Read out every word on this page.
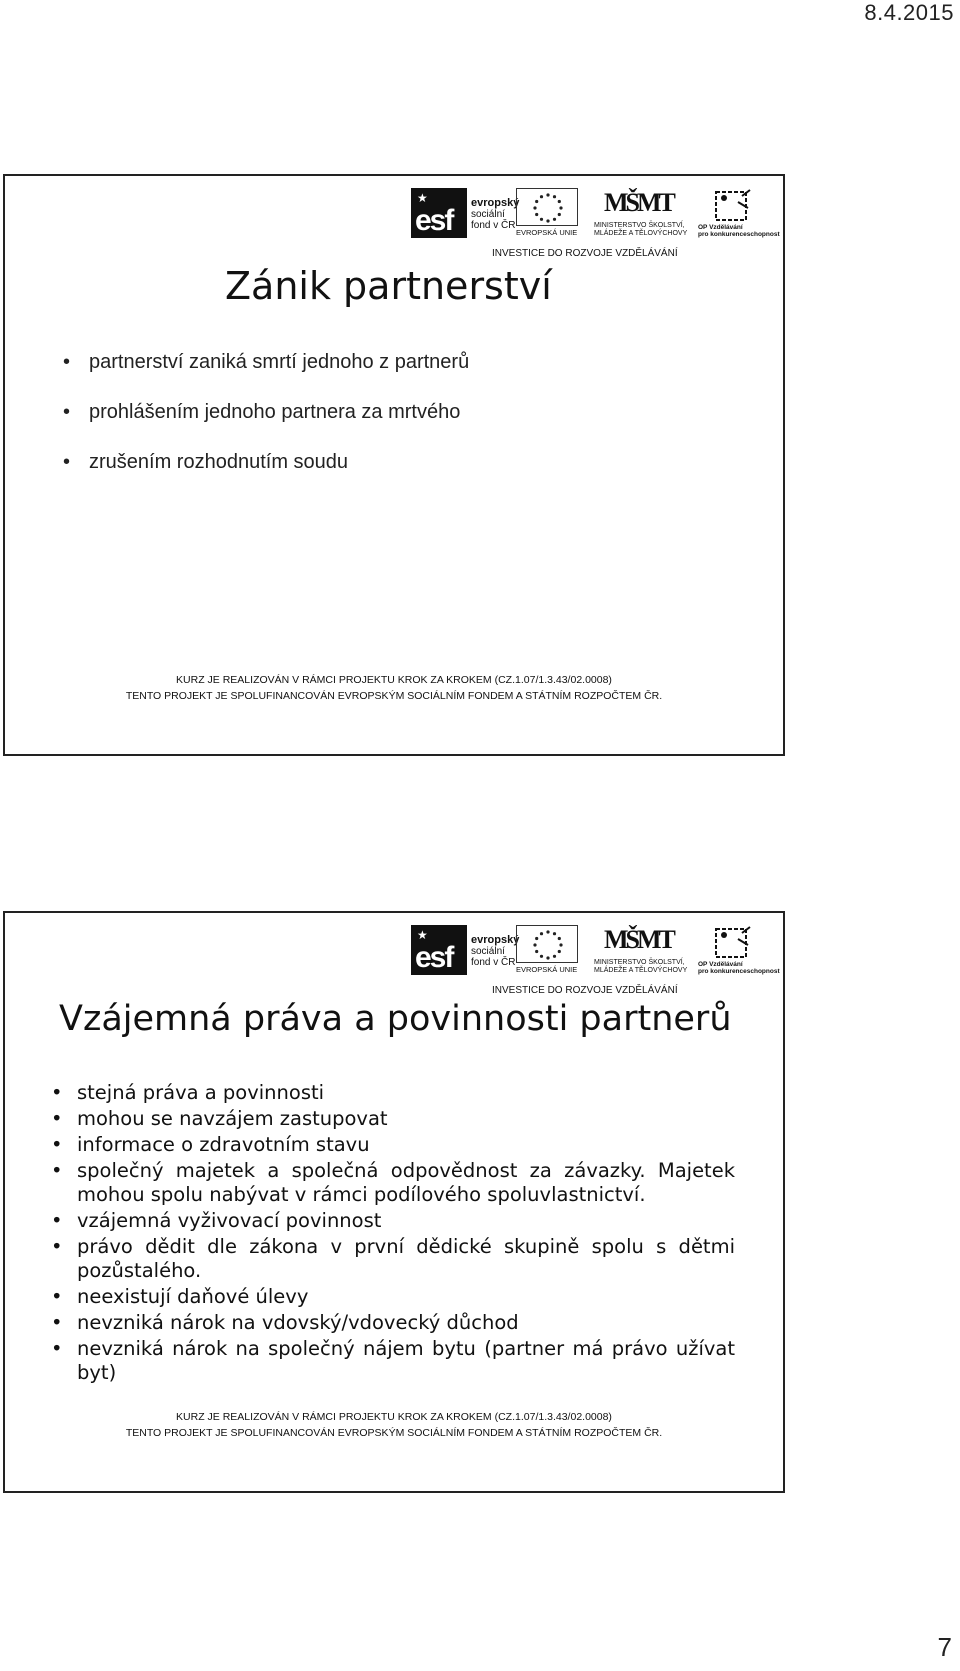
8.4.2015
★
esf
evropský
sociální
fond v ČR
EVROPSKÁ UNIE
MŠMT
MINISTERSTVO ŠKOLSTVÍ,
MLÁDEŽE A TĚLOVÝCHOVY
OP Vzdělávání
pro konkurenceschopnost
INVESTICE DO ROZVOJE VZDĚLÁVÁNÍ
Zánik partnerství
• partnerství zaniká smrtí jednoho z partnerů
• prohlášením jednoho partnera za mrtvého
• zrušením rozhodnutím soudu
KURZ JE REALIZOVÁN V RÁMCI PROJEKTU KROK ZA KROKEM (CZ.1.07/1.3.43/02.0008)
TENTO PROJEKT JE SPOLUFINANCOVÁN EVROPSKÝM SOCIÁLNÍM FONDEM A STÁTNÍM ROZPOČTEM ČR.
★
esf
evropský
sociální
fond v ČR
EVROPSKÁ UNIE
MŠMT
MINISTERSTVO ŠKOLSTVÍ,
MLÁDEŽE A TĚLOVÝCHOVY
OP Vzdělávání
pro konkurenceschopnost
INVESTICE DO ROZVOJE VZDĚLÁVÁNÍ
Vzájemná práva a povinnosti partnerů
• stejná práva a povinnosti
• mohou se navzájem zastupovat
• informace o zdravotním stavu
• společný majetek a společná odpovědnost za závazky. Majetek mohou spolu nabývat v rámci podílového spoluvlastnictví.
• vzájemná vyživovací povinnost
• právo dědit dle zákona v první dědické skupině spolu s dětmi pozůstalého.
• neexistují daňové úlevy
• nevzniká nárok na vdovský/vdovecký důchod
• nevzniká nárok na společný nájem bytu (partner má právo užívat byt)
KURZ JE REALIZOVÁN V RÁMCI PROJEKTU KROK ZA KROKEM (CZ.1.07/1.3.43/02.0008)
TENTO PROJEKT JE SPOLUFINANCOVÁN EVROPSKÝM SOCIÁLNÍM FONDEM A STÁTNÍM ROZPOČTEM ČR.
7
